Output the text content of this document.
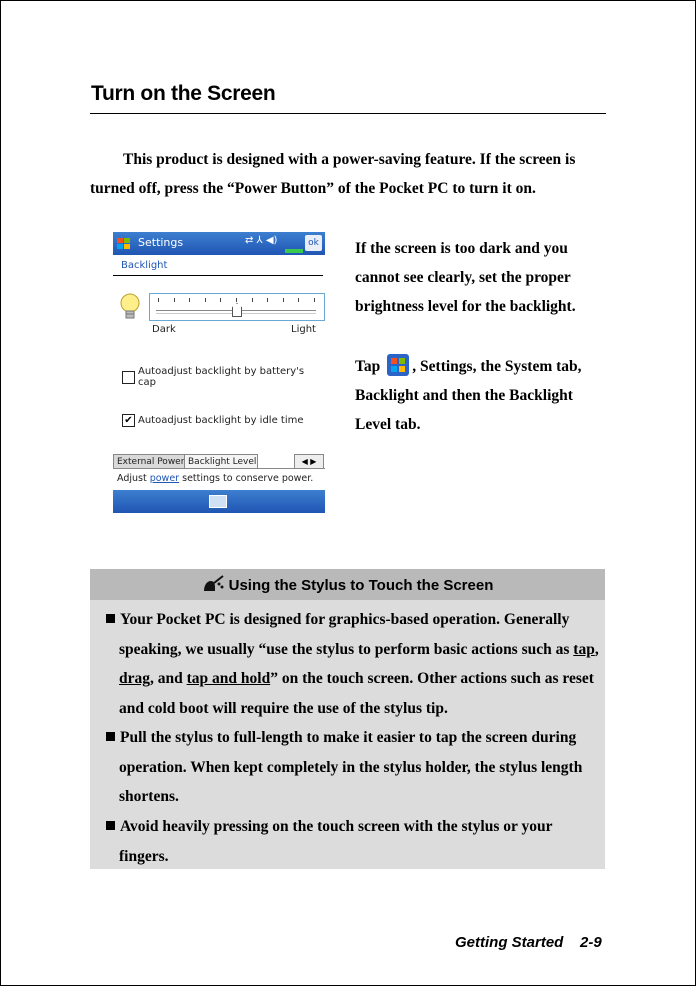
Turn on the Screen
This product is designed with a power-saving feature. If the screen is turned off, press the “Power Button” of the Pocket PC to turn it on.
Settings	⇄ ⅄ ◀)	ok
Backlight
Dark	Light
Autoadjust backlight by battery's cap
✔ Autoadjust backlight by idle time
External Power Backlight Level	◀ ▶
Adjust power settings to conserve power.
If the screen is too dark and you cannot see clearly, set the proper brightness level for the backlight.
Tap , Settings, the System tab, Backlight and then the Backlight Level tab.
Using the Stylus to Touch the Screen
Your Pocket PC is designed for graphics-based operation. Generally speaking, we usually “use the stylus to perform basic actions such as tap, drag, and tap and hold” on the touch screen. Other actions such as reset and cold boot will require the use of the stylus tip.
Pull the stylus to full-length to make it easier to tap the screen during operation. When kept completely in the stylus holder, the stylus length shortens.
Avoid heavily pressing on the touch screen with the stylus or your fingers.
Getting Started 2-9
